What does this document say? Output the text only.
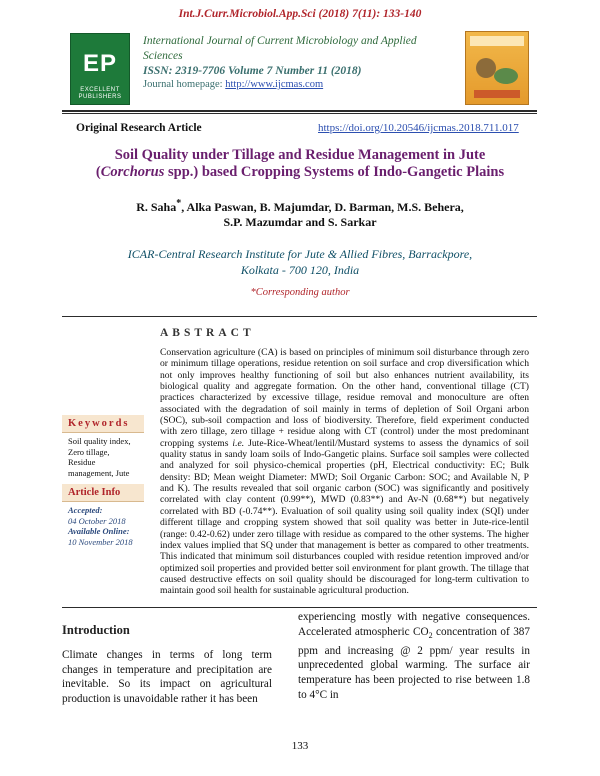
Int.J.Curr.Microbiol.App.Sci (2018) 7(11): 133-140
EP
EXCELLENT PUBLISHERS
International Journal of Current Microbiology and Applied Sciences
ISSN: 2319-7706 Volume 7 Number 11 (2018)
Journal homepage: http://www.ijcmas.com
Original Research Article	https://doi.org/10.20546/ijcmas.2018.711.017
Soil Quality under Tillage and Residue Management in Jute
(Corchorus spp.) based Cropping Systems of Indo-Gangetic Plains
R. Saha*, Alka Paswan, B. Majumdar, D. Barman, M.S. Behera,
S.P. Mazumdar and S. Sarkar
ICAR-Central Research Institute for Jute & Allied Fibres, Barrackpore,
Kolkata - 700 120, India
*Corresponding author
ABSTRACT
Conservation agriculture (CA) is based on principles of minimum soil disturbance through zero or minimum tillage operations, residue retention on soil surface and crop diversification which not only improves healthy functioning of soil but also enhances nutrient availability, its biological quality and aggregate formation. On the other hand, conventional tillage (CT) practices characterized by excessive tillage, residue removal and monoculture are often associated with the degradation of soil mainly in terms of depletion of Soil Organi arbon (SOC), sub-soil compaction and loss of biodiversity. Therefore, field experiment conducted with zero tillage, zero tillage + residue along with CT (control) under the most predominant cropping systems i.e. Jute-Rice-Wheat/lentil/Mustard systems to assess the dynamics of soil quality status in sandy loam soils of Indo-Gangetic plains. Surface soil samples were collected and analyzed for soil physico-chemical properties (pH, Electrical conductivity: EC; Bulk density: BD; Mean weight Diameter: MWD; Soil Organic Carbon: SOC; and Available N, P and K). The results revealed that soil organic carbon (SOC) was significantly and positively correlated with clay content (0.99**), MWD (0.83**) and Av-N (0.68**) but negatively correlated with BD (-0.74**). Evaluation of soil quality using soil quality index (SQI) under different tillage and cropping system showed that soil quality was better in Jute-rice-lentil (range: 0.42-0.62) under zero tillage with residue as compared to the other systems. The higher index values implied that SQ under that management is better as compared to other treatments. This indicated that minimum soil disturbances coupled with residue retention improved and/or optimized soil properties and provided better soil environment for plant growth. The tillage that caused destructive effects on soil quality should be discouraged for long-term cultivation to maintain good soil health for sustainable agricultural production.
Keywords
Soil quality index,
Zero tillage,
Residue
management, Jute
Article Info
Accepted:
04 October 2018
Available Online:
10 November 2018
Introduction
Climate changes in terms of long term changes in temperature and precipitation are inevitable. So its impact on agricultural production is unavoidable rather it has been
experiencing mostly with negative consequences. Accelerated atmospheric $CO_2$ concentration of 387 ppm and increasing @ 2 ppm/ year results in unprecedented global warming. The surface air temperature has been projected to rise between 1.8 to 4°C in
133
